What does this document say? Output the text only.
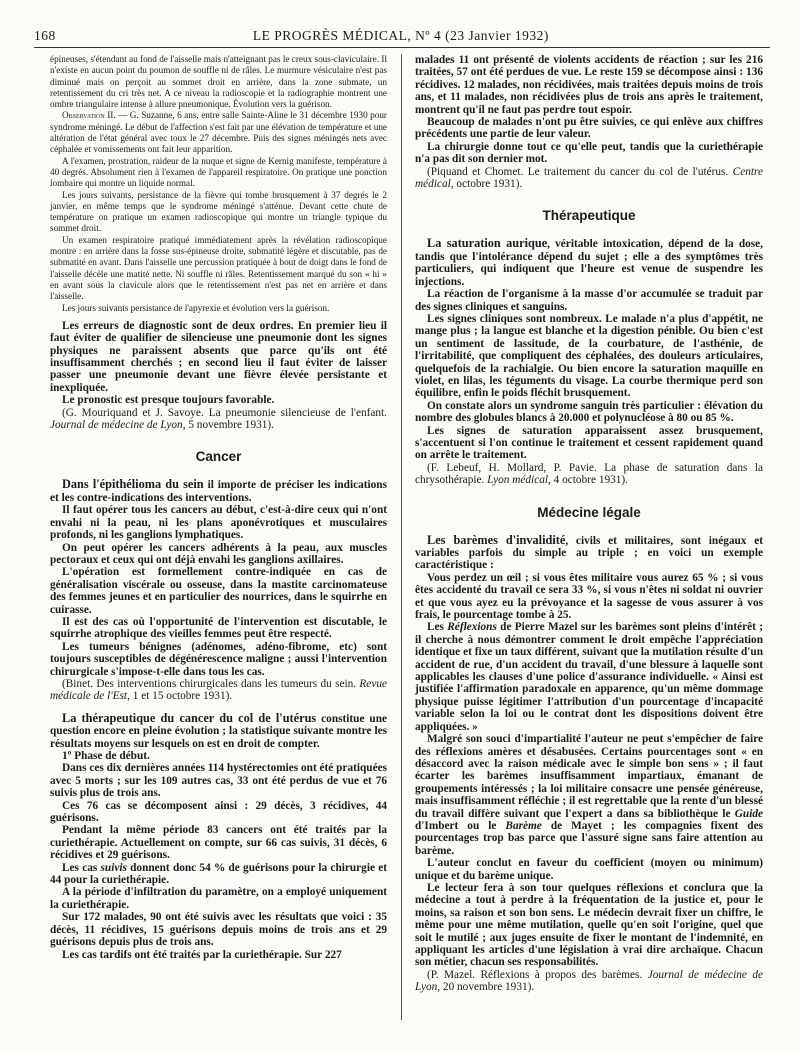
168	LE PROGRÈS MÉDICAL, Nº 4 (23 Janvier 1932)

épineuses, s'étendant au fond de l'aisselle mais n'atteignant pas le creux sous-claviculaire. Il n'existe en aucun point du poumon de souffle ni de râles. Le murmure vésiculaire n'est pas diminué mais on perçoit au sommet droit en arrière, dans la zone submate, un retentissement du cri très net. A ce niveau la radioscopie et la radiographie montrent une ombre triangulaire intense à allure pneumonique. Évolution vers la guérison.

Observation II. — G. Suzanne, 6 ans, entre salle Sainte-Aline le 31 décembre 1930 pour syndrome méningé. Le début de l'affection s'est fait par une élévation de température et une altération de l'état général avec toux le 27 décembre. Puis des signes méningés nets avec céphalée et vomissements ont fait leur apparition.

A l'examen, prostration, raideur de la nuque et signe de Kernig manifeste, température à 40 degrés. Absolument rien à l'examen de l'appareil respiratoire. On pratique une ponction lombaire qui montre un liquide normal.

Les jours suivants, persistance de la fièvre qui tombe brusquement à 37 degrés le 2 janvier, en même temps que le syndrome méningé s'atténue. Devant cette chute de température on pratique un examen radioscopique qui montre un triangle typique du sommet droit.

Un examen respiratoire pratiqué immédiatement après la révélation radioscopique montre : en arrière dans la fosse sus-épineuse droite, submatité légère et discutable, pas de submatité en avant. Dans l'aisselle une percussion pratiquée à bout de doigt dans le fond de l'aisselle décèle une matité nette. Ni souffle ni râles. Retentissement marqué du son « hi » en avant sous la clavicule alors que le retentissement n'est pas net en arrière et dans l'aisselle.

Les jours suivants persistance de l'apyrexie et évolution vers la guérison.

Les erreurs de diagnostic sont de deux ordres. En premier lieu il faut éviter de qualifier de silencieuse une pneumonie dont les signes physiques ne paraissent absents que parce qu'ils ont été insuffisamment cherchés ; en second lieu il faut éviter de laisser passer une pneumonie devant une fièvre élevée persistante et inexpliquée.

Le pronostic est presque toujours favorable.

(G. Mouriquand et J. Savoye. La pneumonie silencieuse de l'enfant. Journal de médecine de Lyon, 5 novembre 1931).

Cancer

Dans l'épithélioma du sein il importe de préciser les indications et les contre-indications des interventions.

Il faut opérer tous les cancers au début, c'est-à-dire ceux qui n'ont envahi ni la peau, ni les plans aponévrotiques et musculaires profonds, ni les ganglions lymphatiques.

On peut opérer les cancers adhérents à la peau, aux muscles pectoraux et ceux qui ont déjà envahi les ganglions axillaires.

L'opération est formellement contre-indiquée en cas de généralisation viscérale ou osseuse, dans la mastite carcinomateuse des femmes jeunes et en particulier des nourrices, dans le squirrhe en cuirasse.

Il est des cas où l'opportunité de l'intervention est discutable, le squirrhe atrophique des vieilles femmes peut être respecté.

Les tumeurs bénignes (adénomes, adéno-fibrome, etc) sont toujours susceptibles de dégénérescence maligne ; aussi l'intervention chirurgicale s'impose-t-elle dans tous les cas.

(Binet. Des interventions chirurgicales dans les tumeurs du sein. Revue médicale de l'Est, 1 et 15 octobre 1931).

La thérapeutique du cancer du col de l'utérus constitue une question encore en pleine évolution ; la statistique suivante montre les résultats moyens sur lesquels on est en droit de compter.

1º Phase de début.

Dans ces dix dernières années 114 hystérectomies ont été pratiquées avec 5 morts ; sur les 109 autres cas, 33 ont été perdus de vue et 76 suivis plus de trois ans.

Ces 76 cas se décomposent ainsi : 29 décès, 3 récidives, 44 guérisons.

Pendant la même période 83 cancers ont été traités par la curiethérapie. Actuellement on compte, sur 66 cas suivis, 31 décès, 6 récidives et 29 guérisons.

Les cas suivis donnent donc 54 % de guérisons pour la chirurgie et 44 pour la curiethérapie.

A la période d'infiltration du paramètre, on a employé uniquement la curiethérapie.

Sur 172 malades, 90 ont été suivis avec les résultats que voici : 35 décès, 11 récidives, 15 guérisons depuis moins de trois ans et 29 guérisons depuis plus de trois ans.

Les cas tardifs ont été traités par la curiethérapie. Sur 227

malades 11 ont présenté de violents accidents de réaction ; sur les 216 traitées, 57 ont été perdues de vue. Le reste 159 se décompose ainsi : 136 récidives. 12 malades, non récidivées, mais traitées depuis moins de trois ans, et 11 malades, non récidivées plus de trois ans après le traitement, montrent qu'il ne faut pas perdre tout espoir.

Beaucoup de malades n'ont pu être suivies, ce qui enlève aux chiffres précédents une partie de leur valeur.

La chirurgie donne tout ce qu'elle peut, tandis que la curiethérapie n'a pas dit son dernier mot.

(Piquand et Chomet. Le traitement du cancer du col de l'utérus. Centre médical, octobre 1931).

Thérapeutique

La saturation aurique, véritable intoxication, dépend de la dose, tandis que l'intolérance dépend du sujet ; elle a des symptômes très particuliers, qui indiquent que l'heure est venue de suspendre les injections.

La réaction de l'organisme à la masse d'or accumulée se traduit par des signes cliniques et sanguins.

Les signes cliniques sont nombreux. Le malade n'a plus d'appétit, ne mange plus ; la langue est blanche et la digestion pénible. Ou bien c'est un sentiment de lassitude, de la courbature, de l'asthénie, de l'irritabilité, que compliquent des céphalées, des douleurs articulaires, quelquefois de la rachialgie. Ou bien encore la saturation maquille en violet, en lilas, les téguments du visage. La courbe thermique perd son équilibre, enfin le poids fléchit brusquement.

On constate alors un syndrome sanguin très particulier : élévation du nombre des globules blancs à 20.000 et polynucléose à 80 ou 85 %.

Les signes de saturation apparaissent assez brusquement, s'accentuent si l'on continue le traitement et cessent rapidement quand on arrête le traitement.

(F. Lebeuf, H. Mollard, P. Pavie. La phase de saturation dans la chrysothérapie. Lyon médical, 4 octobre 1931).

Médecine légale

Les barèmes d'invalidité, civils et militaires, sont inégaux et variables parfois du simple au triple ; en voici un exemple caractéristique :

Vous perdez un œil ; si vous êtes militaire vous aurez 65 % ; si vous êtes accidenté du travail ce sera 33 %, si vous n'êtes ni soldat ni ouvrier et que vous ayez eu la prévoyance et la sagesse de vous assurer à vos frais, le pourcentage tombe à 25.

Les Réflexions de Pierre Mazel sur les barèmes sont pleins d'intérêt ; il cherche à nous démontrer comment le droit empêche l'appréciation identique et fixe un taux différent, suivant que la mutilation résulte d'un accident de rue, d'un accident du travail, d'une blessure à laquelle sont applicables les clauses d'une police d'assurance individuelle. « Ainsi est justifiée l'affirmation paradoxale en apparence, qu'un même dommage physique puisse légitimer l'attribution d'un pourcentage d'incapacité variable selon la loi ou le contrat dont les dispositions doivent être appliquées. »

Malgré son souci d'impartialité l'auteur ne peut s'empêcher de faire des réflexions amères et désabusées. Certains pourcentages sont « en désaccord avec la raison médicale avec le simple bon sens » ; il faut écarter les barèmes insuffisamment impartiaux, émanant de groupements intéressés ; la loi militaire consacre une pensée généreuse, mais insuffisamment réfléchie ; il est regrettable que la rente d'un blessé du travail diffère suivant que l'expert a dans sa bibliothèque le Guide d'Imbert ou le Barème de Mayet ; les compagnies fixent des pourcentages trop bas parce que l'assuré signe sans faire attention au barème.

L'auteur conclut en faveur du coefficient (moyen ou minimum) unique et du barème unique.

Le lecteur fera à son tour quelques réflexions et conclura que la médecine a tout à perdre à la fréquentation de la justice et, pour le moins, sa raison et son bon sens. Le médecin devrait fixer un chiffre, le même pour une même mutilation, quelle qu'en soit l'origine, quel que soit le mutilé ; aux juges ensuite de fixer le montant de l'indemnité, en appliquant les articles d'une législation à vrai dire archaïque. Chacun son métier, chacun ses responsabilités.

(P. Mazel. Réflexions à propos des barèmes. Journal de médecine de Lyon, 20 novembre 1931).
